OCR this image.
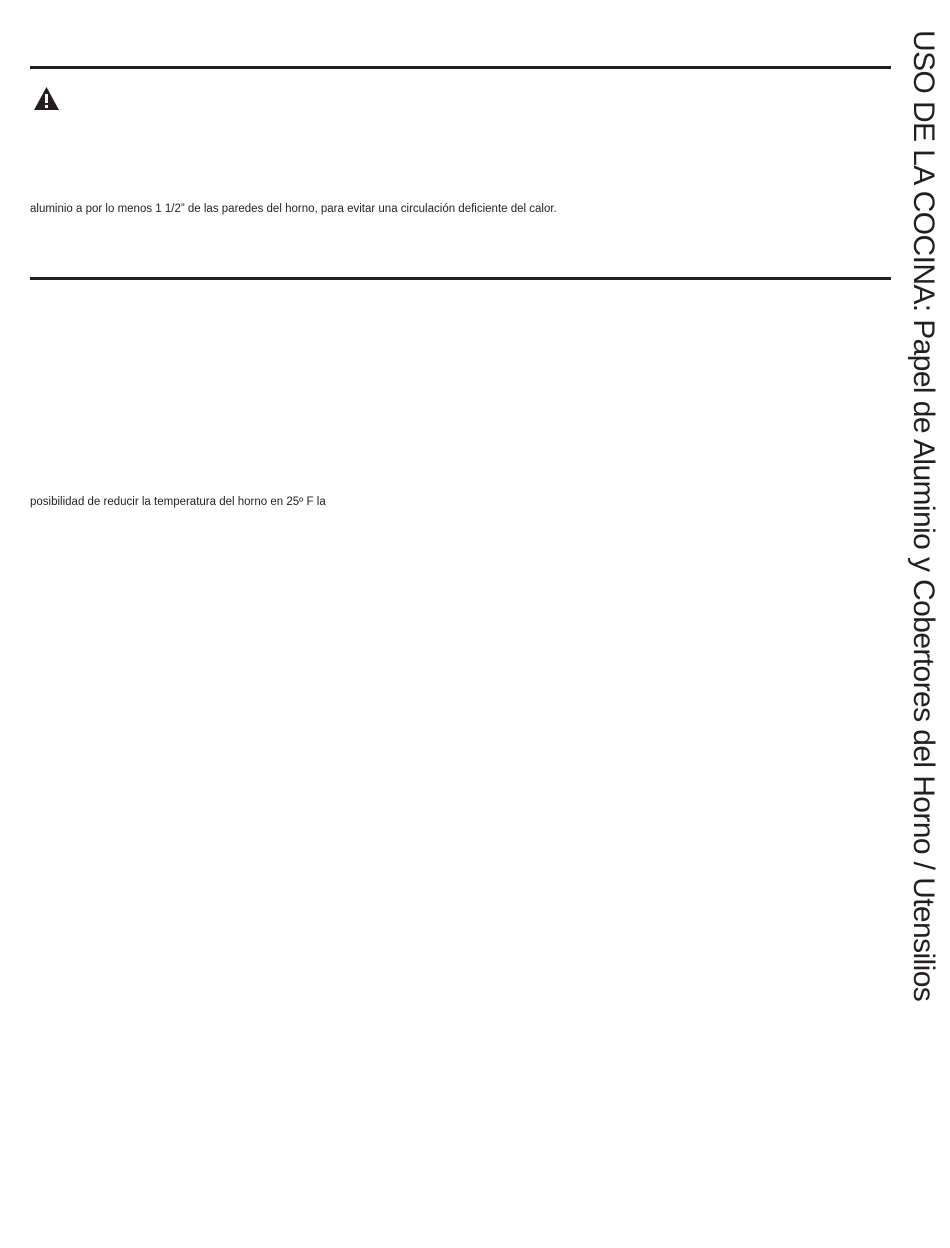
aluminio a por lo menos 1 1/2” de las paredes del horno, para evitar una circulación deficiente del calor.
posibilidad de reducir la temperatura del horno en 25º F la	USO DE LA COCINA: Papel de Aluminio y Cobertores del Horno / Utensilios
